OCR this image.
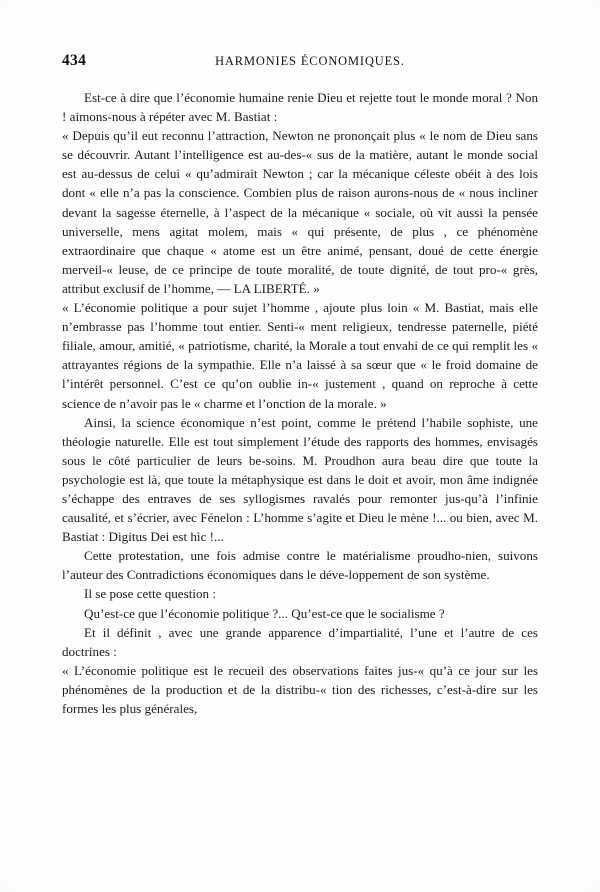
434	HARMONIES ÉCONOMIQUES.

Est-ce à dire que l’économie humaine renie Dieu et rejette tout le monde moral ? Non ! aimons-nous à répéter avec M. Bastiat :

« Depuis qu’il eut reconnu l’attraction, Newton ne prononçait plus « le nom de Dieu sans se découvrir. Autant l’intelligence est au-des-« sus de la matière, autant le monde social est au-dessus de celui « qu’admirait Newton ; car la mécanique céleste obéit à des lois dont « elle n’a pas la conscience. Combien plus de raison aurons-nous de « nous incliner devant la sagesse éternelle, à l’aspect de la mécanique « sociale, où vit aussi la pensée universelle, mens agitat molem, mais « qui présente, de plus , ce phénomène extraordinaire que chaque « atome est un être animé, pensant, doué de cette énergie merveil-« leuse, de ce principe de toute moralité, de toute dignité, de tout pro-« grès, attribut exclusif de l’homme, — LA LIBERTÉ. »

« L’économie politique a pour sujet l’homme , ajoute plus loin « M. Bastiat, mais elle n’embrasse pas l’homme tout entier. Senti-« ment religieux, tendresse paternelle, piété filiale, amour, amitié, « patriotisme, charité, la Morale a tout envahi de ce qui remplit les « attrayantes régions de la sympathie. Elle n’a laissé à sa sœur que « le froid domaine de l’intérêt personnel. C’est ce qu’on oublie in-« justement , quand on reproche à cette science de n’avoir pas le « charme et l’onction de la morale. »

Ainsi, la science économique n’est point, comme le prétend l’habile sophiste, une théologie naturelle. Elle est tout simplement l’étude des rapports des hommes, envisagés sous le côté particulier de leurs be-soins. M. Proudhon aura beau dire que toute la psychologie est là, que toute la métaphysique est dans le doit et avoir, mon âme indignée s’échappe des entraves de ses syllogismes ravalés pour remonter jus-qu’à l’infinie causalité, et s’écrier, avec Fénelon : L’homme s’agite et Dieu le mène !... ou bien, avec M. Bastiat : Digitus Dei est hìc !...

Cette protestation, une fois admise contre le matérialisme proudho-nien, suivons l’auteur des Contradictions économiques dans le déve-loppement de son système.

Il se pose cette question :

Qu’est-ce que l’économie politique ?... Qu’est-ce que le socialisme ?

Et il définit , avec une grande apparence d’impartialité, l’une et l’autre de ces doctrines :

« L’économie politique est le recueil des observations faites jus-« qu’à ce jour sur les phénomènes de la production et de la distribu-« tion des richesses, c’est-à-dire sur les formes les plus générales,
